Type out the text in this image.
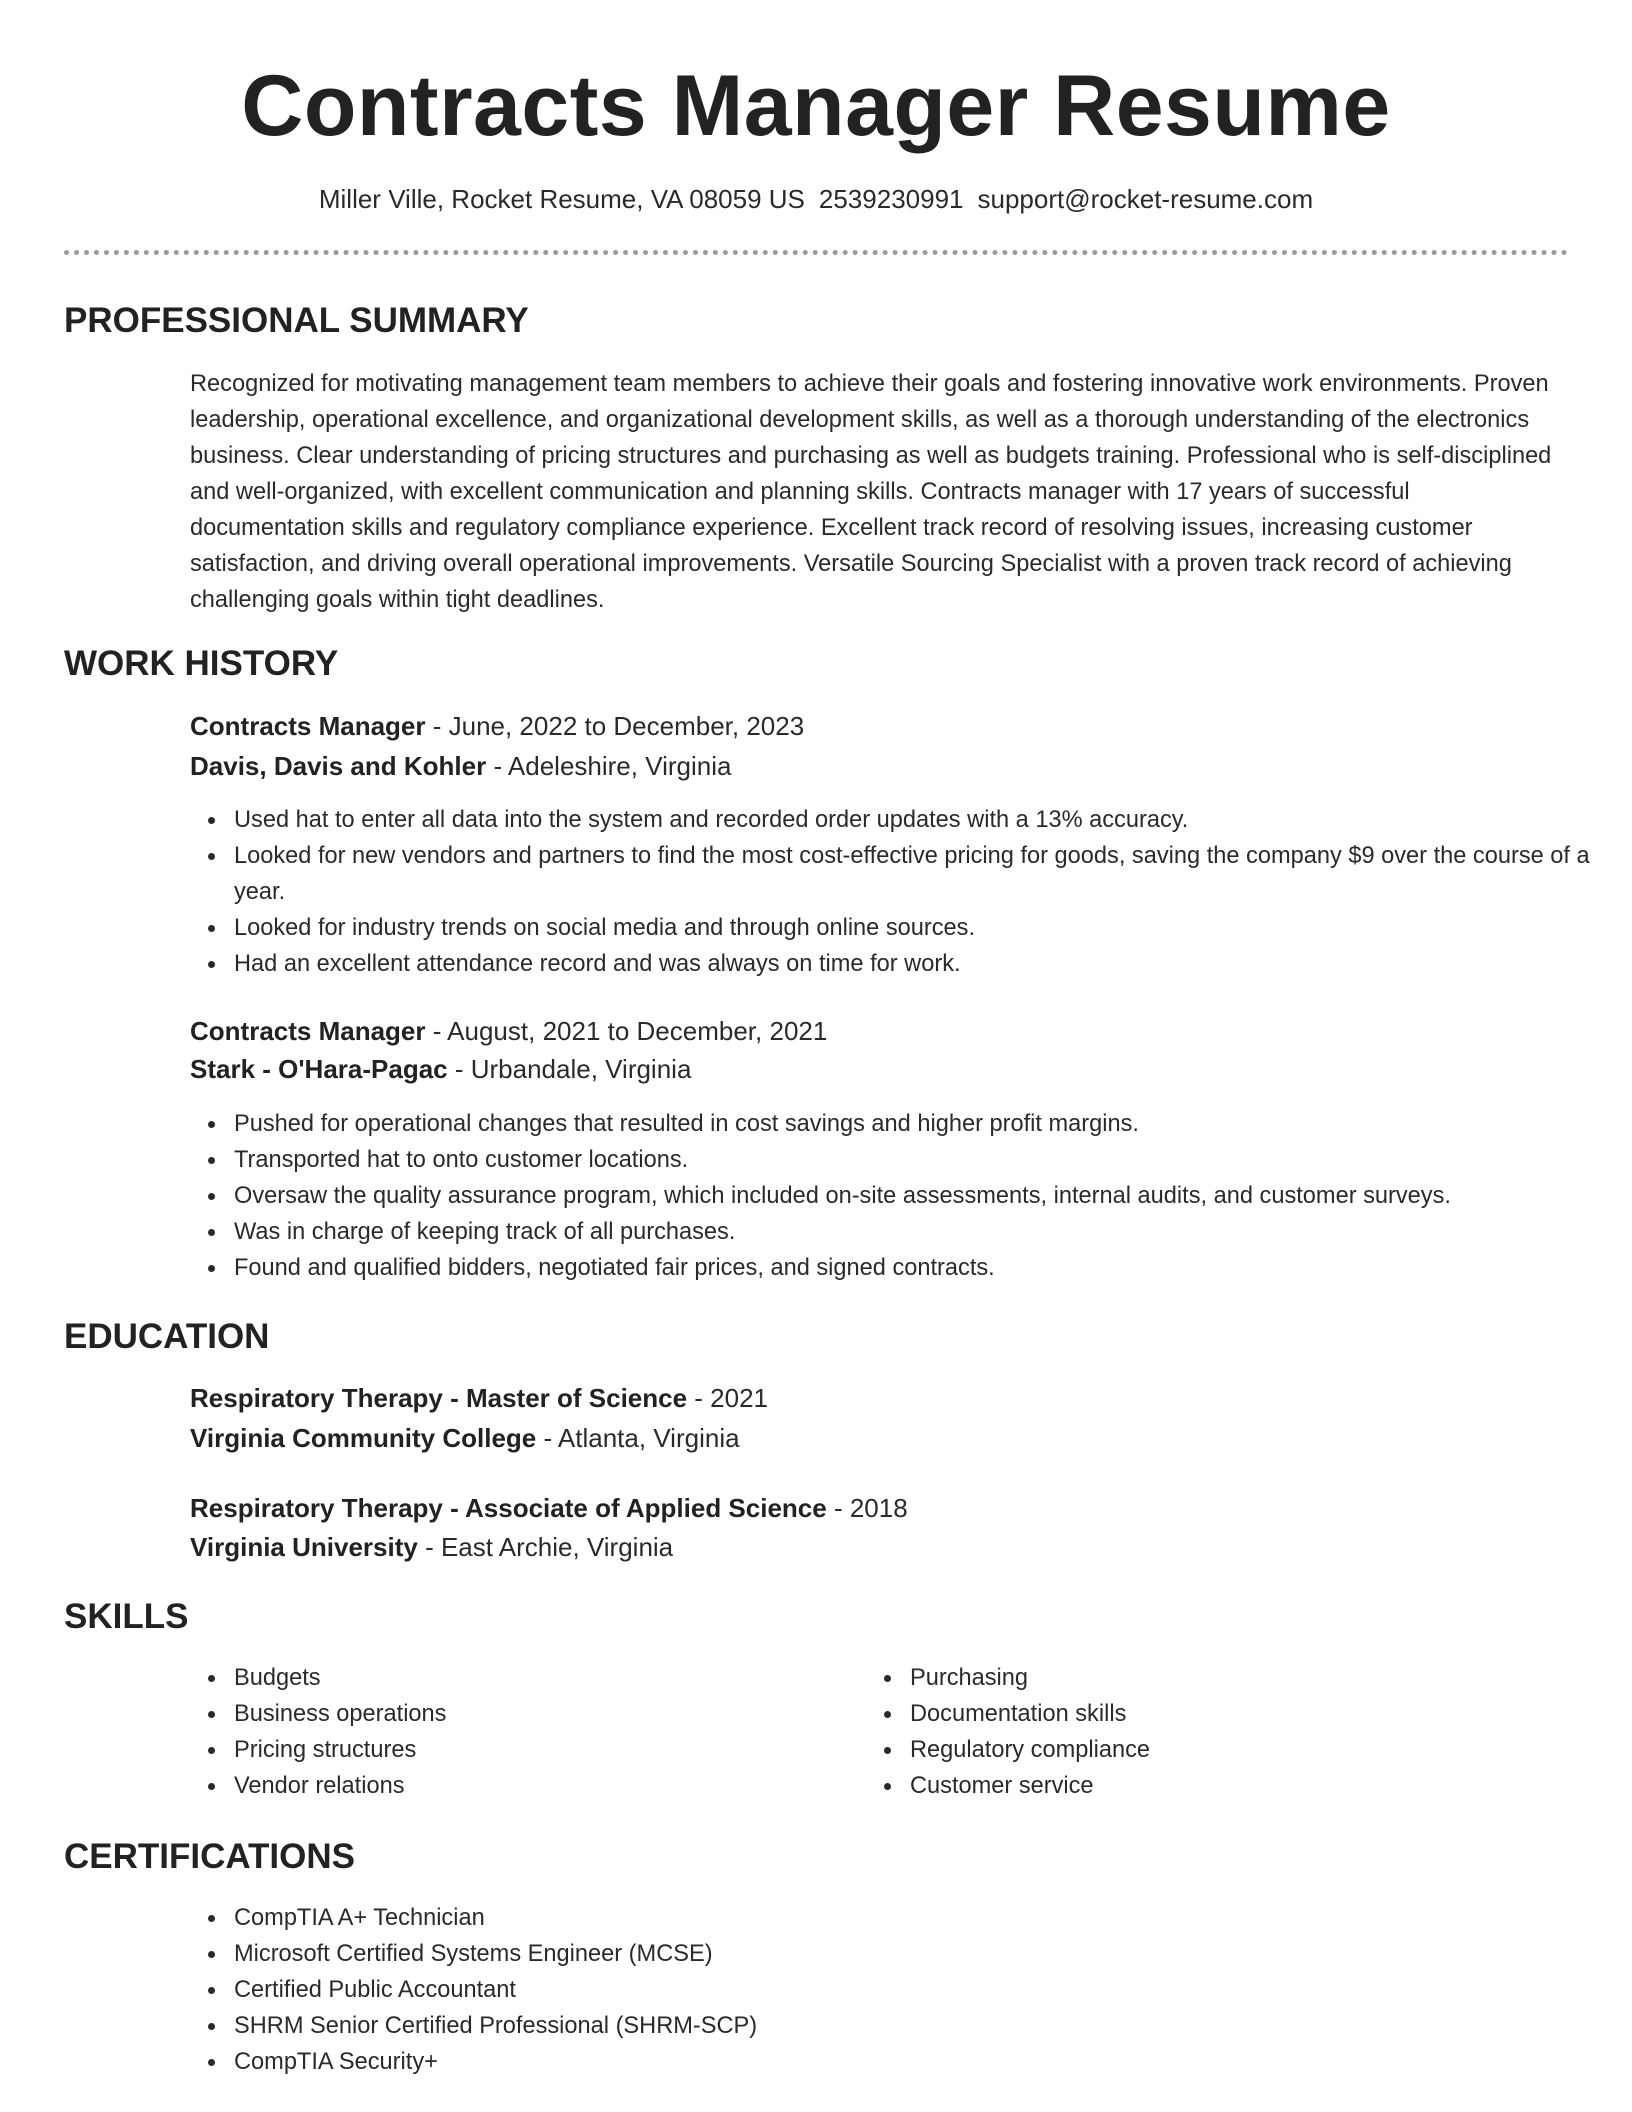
Contracts Manager Resume
Miller Ville, Rocket Resume, VA 08059 US 2539230991 support@rocket-resume.com
PROFESSIONAL SUMMARY
Recognized for motivating management team members to achieve their goals and fostering innovative work environments. Proven leadership, operational excellence, and organizational development skills, as well as a thorough understanding of the electronics business. Clear understanding of pricing structures and purchasing as well as budgets training. Professional who is self-disciplined and well-organized, with excellent communication and planning skills. Contracts manager with 17 years of successful documentation skills and regulatory compliance experience. Excellent track record of resolving issues, increasing customer satisfaction, and driving overall operational improvements. Versatile Sourcing Specialist with a proven track record of achieving challenging goals within tight deadlines.
WORK HISTORY
Contracts Manager - June, 2022 to December, 2023
Davis, Davis and Kohler - Adeleshire, Virginia
Used hat to enter all data into the system and recorded order updates with a 13% accuracy.
Looked for new vendors and partners to find the most cost-effective pricing for goods, saving the company $9 over the course of a year.
Looked for industry trends on social media and through online sources.
Had an excellent attendance record and was always on time for work.
Contracts Manager - August, 2021 to December, 2021
Stark - O'Hara-Pagac - Urbandale, Virginia
Pushed for operational changes that resulted in cost savings and higher profit margins.
Transported hat to onto customer locations.
Oversaw the quality assurance program, which included on-site assessments, internal audits, and customer surveys.
Was in charge of keeping track of all purchases.
Found and qualified bidders, negotiated fair prices, and signed contracts.
EDUCATION
Respiratory Therapy - Master of Science - 2021
Virginia Community College - Atlanta, Virginia
Respiratory Therapy - Associate of Applied Science - 2018
Virginia University - East Archie, Virginia
SKILLS
Budgets
Business operations
Pricing structures
Vendor relations
Purchasing
Documentation skills
Regulatory compliance
Customer service
CERTIFICATIONS
CompTIA A+ Technician
Microsoft Certified Systems Engineer (MCSE)
Certified Public Accountant
SHRM Senior Certified Professional (SHRM-SCP)
CompTIA Security+
